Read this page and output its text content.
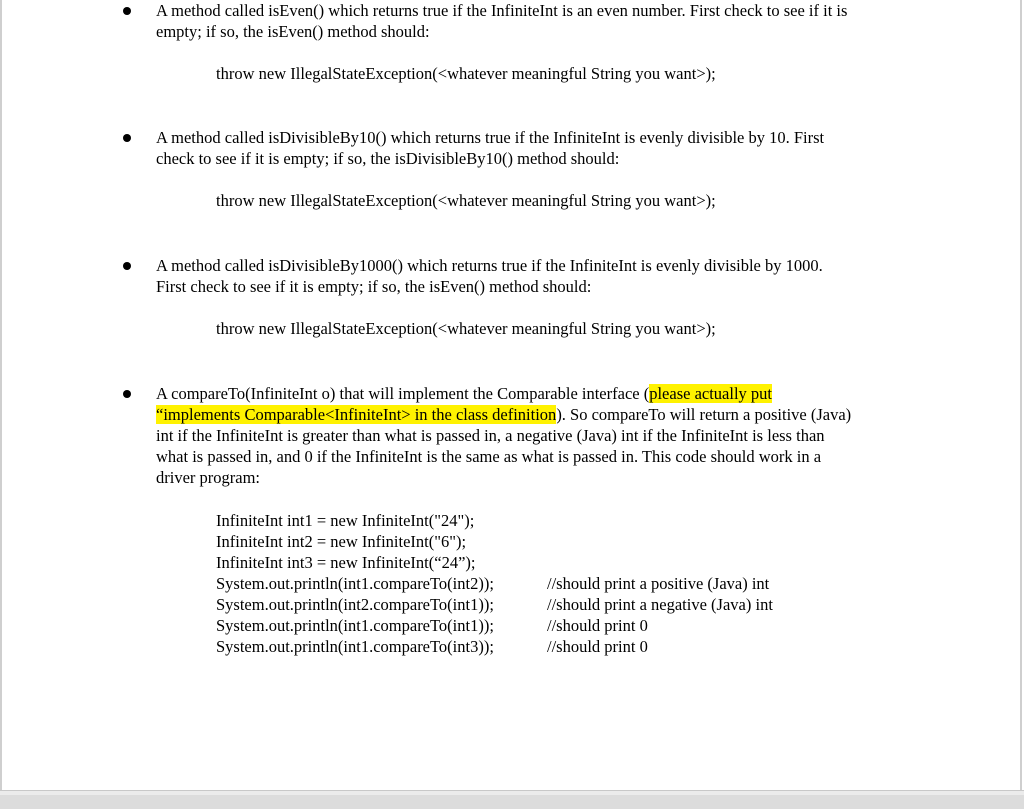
A method called isEven() which returns true if the InfiniteInt is an even number. First check to see if it is
empty; if so, the isEven() method should:
throw new IllegalStateException(<whatever meaningful String you want>);
A method called isDivisibleBy10() which returns true if the InfiniteInt is evenly divisible by 10. First
check to see if it is empty; if so, the isDivisibleBy10() method should:
throw new IllegalStateException(<whatever meaningful String you want>);
A method called isDivisibleBy1000() which returns true if the InfiniteInt is evenly divisible by 1000.
First check to see if it is empty; if so, the isEven() method should:
throw new IllegalStateException(<whatever meaningful String you want>);
A compareTo(InfiniteInt o) that will implement the Comparable interface (please actually put
“implements Comparable<InfiniteInt> in the class definition). So compareTo will return a positive (Java)
int if the InfiniteInt is greater than what is passed in, a negative (Java) int if the InfiniteInt is less than
what is passed in, and 0 if the InfiniteInt is the same as what is passed in. This code should work in a
driver program:
InfiniteInt int1 = new InfiniteInt("24");
InfiniteInt int2 = new InfiniteInt("6");
InfiniteInt int3 = new InfiniteInt(“24”);
System.out.println(int1.compareTo(int2));	//should print a positive (Java) int
System.out.println(int2.compareTo(int1));	//should print a negative (Java) int
System.out.println(int1.compareTo(int1));	//should print 0
System.out.println(int1.compareTo(int3));	//should print 0
